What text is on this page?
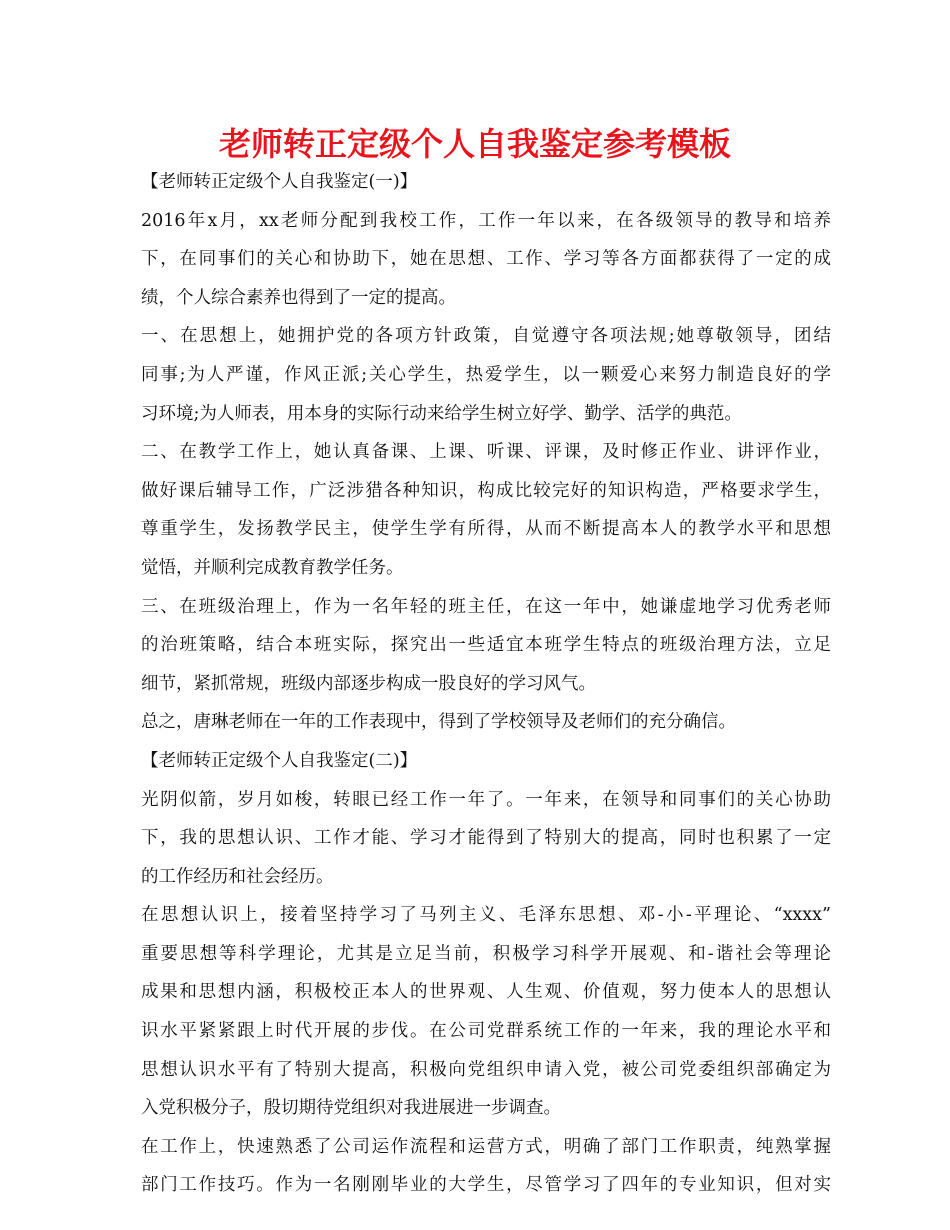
老师转正定级个人自我鉴定参考模板
【老师转正定级个人自我鉴定(一)】
2016年x月，xx老师分配到我校工作，工作一年以来，在各级领导的教导和培养
下，在同事们的关心和协助下，她在思想、工作、学习等各方面都获得了一定的成
绩，个人综合素养也得到了一定的提高。
一、在思想上，她拥护党的各项方针政策，自觉遵守各项法规;她尊敬领导，团结
同事;为人严谨，作风正派;关心学生，热爱学生，以一颗爱心来努力制造良好的学
习环境;为人师表，用本身的实际行动来给学生树立好学、勤学、活学的典范。
二、在教学工作上，她认真备课、上课、听课、评课，及时修正作业、讲评作业，
做好课后辅导工作，广泛涉猎各种知识，构成比较完好的知识构造，严格要求学生，
尊重学生，发扬教学民主，使学生学有所得，从而不断提高本人的教学水平和思想
觉悟，并顺利完成教育教学任务。
三、在班级治理上，作为一名年轻的班主任，在这一年中，她谦虚地学习优秀老师
的治班策略，结合本班实际，探究出一些适宜本班学生特点的班级治理方法，立足
细节，紧抓常规，班级内部逐步构成一股良好的学习风气。
总之，唐琳老师在一年的工作表现中，得到了学校领导及老师们的充分确信。
【老师转正定级个人自我鉴定(二)】
光阴似箭，岁月如梭，转眼已经工作一年了。一年来，在领导和同事们的关心协助
下，我的思想认识、工作才能、学习才能得到了特别大的提高，同时也积累了一定
的工作经历和社会经历。
在思想认识上，接着坚持学习了马列主义、毛泽东思想、邓-小-平理论、“xxxx”
重要思想等科学理论，尤其是立足当前，积极学习科学开展观、和-谐社会等理论
成果和思想内涵，积极校正本人的世界观、人生观、价值观，努力使本人的思想认
识水平紧紧跟上时代开展的步伐。在公司党群系统工作的一年来，我的理论水平和
思想认识水平有了特别大提高，积极向党组织申请入党，被公司党委组织部确定为
入党积极分子，殷切期待党组织对我进展进一步调查。
在工作上，快速熟悉了公司运作流程和运营方式，明确了部门工作职责，纯熟掌握
部门工作技巧。作为一名刚刚毕业的大学生，尽管学习了四年的专业知识，但对实
